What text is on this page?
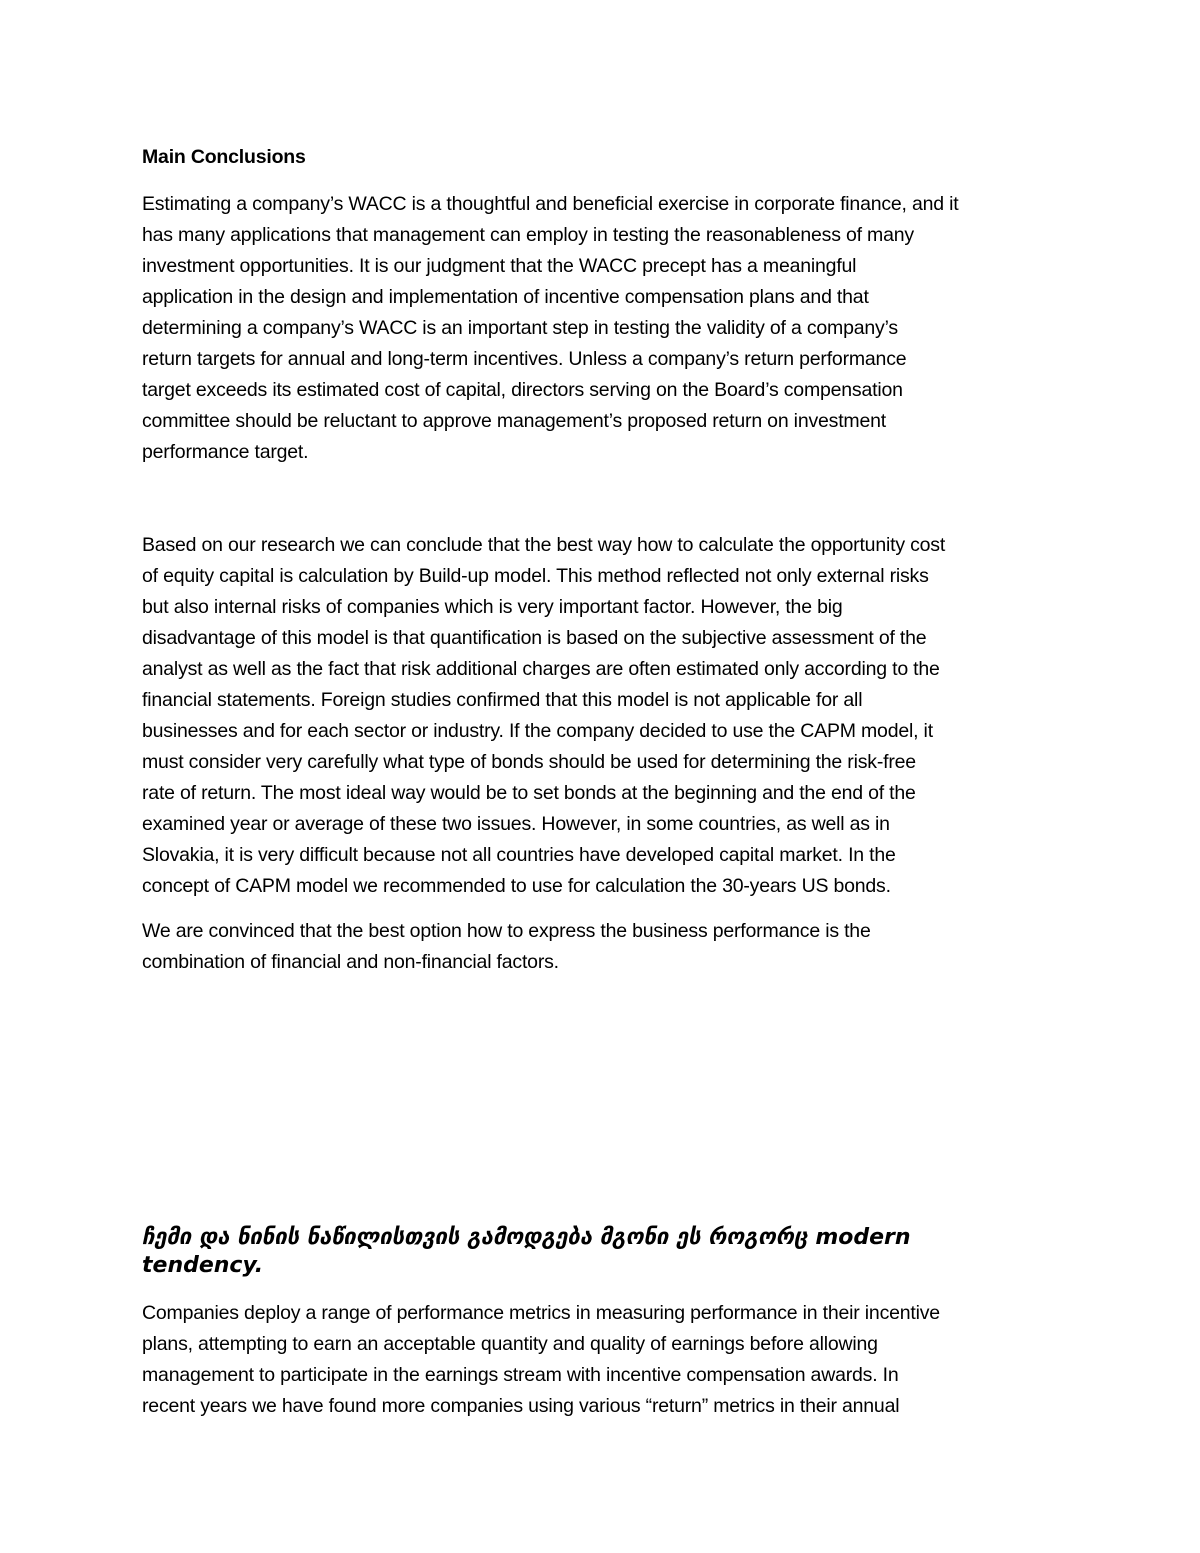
Main Conclusions

Estimating a company’s WACC is a thoughtful and beneficial exercise in corporate finance, and it
has many applications that management can employ in testing the reasonableness of many
investment opportunities. It is our judgment that the WACC precept has a meaningful
application in the design and implementation of incentive compensation plans and that
determining a company’s WACC is an important step in testing the validity of a company’s
return targets for annual and long-term incentives. Unless a company’s return performance
target exceeds its estimated cost of capital, directors serving on the Board’s compensation
committee should be reluctant to approve management’s proposed return on investment
performance target.

Based on our research we can conclude that the best way how to calculate the opportunity cost
of equity capital is calculation by Build-up model. This method reflected not only external risks
but also internal risks of companies which is very important factor. However, the big
disadvantage of this model is that quantification is based on the subjective assessment of the
analyst as well as the fact that risk additional charges are often estimated only according to the
financial statements. Foreign studies confirmed that this model is not applicable for all
businesses and for each sector or industry. If the company decided to use the CAPM model, it
must consider very carefully what type of bonds should be used for determining the risk-free
rate of return. The most ideal way would be to set bonds at the beginning and the end of the
examined year or average of these two issues. However, in some countries, as well as in
Slovakia, it is very difficult because not all countries have developed capital market. In the
concept of CAPM model we recommended to use for calculation the 30-years US bonds.

We are convinced that the best option how to express the business performance is the
combination of financial and non-financial factors.

ჩემი და ნინის ნაწილისთვის გამოდგება მგონი ეს როგორც modern
tendency.

Companies deploy a range of performance metrics in measuring performance in their incentive
plans, attempting to earn an acceptable quantity and quality of earnings before allowing
management to participate in the earnings stream with incentive compensation awards. In
recent years we have found more companies using various “return” metrics in their annual
